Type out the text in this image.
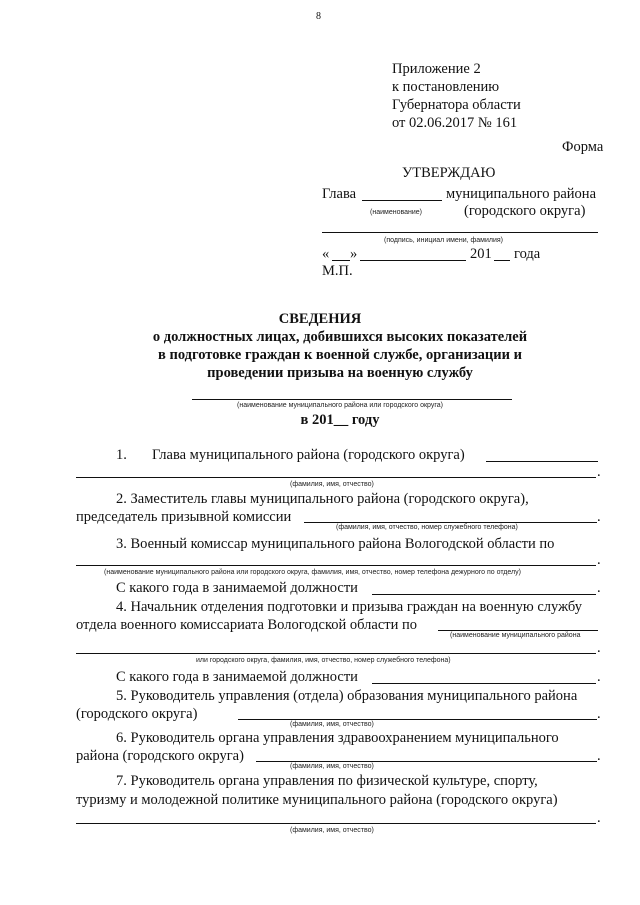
8
Приложение 2
к постановлению
Губернатора области
от 02.06.2017 № 161
Форма
УТВЕРЖДАЮ
Глава	муниципального района
(наименование)	(городского округа)
(подпись, инициал имени, фамилия)
« »	201 года
М.П.
СВЕДЕНИЯ
о должностных лицах, добившихся высоких показателей
в подготовке граждан к военной службе, организации и
проведении призыва на военную службу
(наименование муниципального района или городского округа)
в 201__ году
1. Глава муниципального района (городского округа)
.
(фамилия, имя, отчество)
2. Заместитель главы муниципального района (городского округа),
председатель призывной комиссии	.
(фамилия, имя, отчество, номер служебного телефона)
3. Военный комиссар муниципального района Вологодской области по
.
(наименование муниципального района или городского округа, фамилия, имя, отчество, номер телефона дежурного по отделу)
С какого года в занимаемой должности	.
4. Начальник отделения подготовки и призыва граждан на военную службу
отдела военного комиссариата Вологодской области по
(наименование муниципального района
.
или городского округа, фамилия, имя, отчество, номер служебного телефона)
С какого года в занимаемой должности	.
5. Руководитель управления (отдела) образования муниципального района
(городского округа)	.
(фамилия, имя, отчество)
6. Руководитель органа управления здравоохранением муниципального
района (городского округа)	.
(фамилия, имя, отчество)
7. Руководитель органа управления по физической культуре, спорту,
туризму и молодежной политике муниципального района (городского округа)
.
(фамилия, имя, отчество)
